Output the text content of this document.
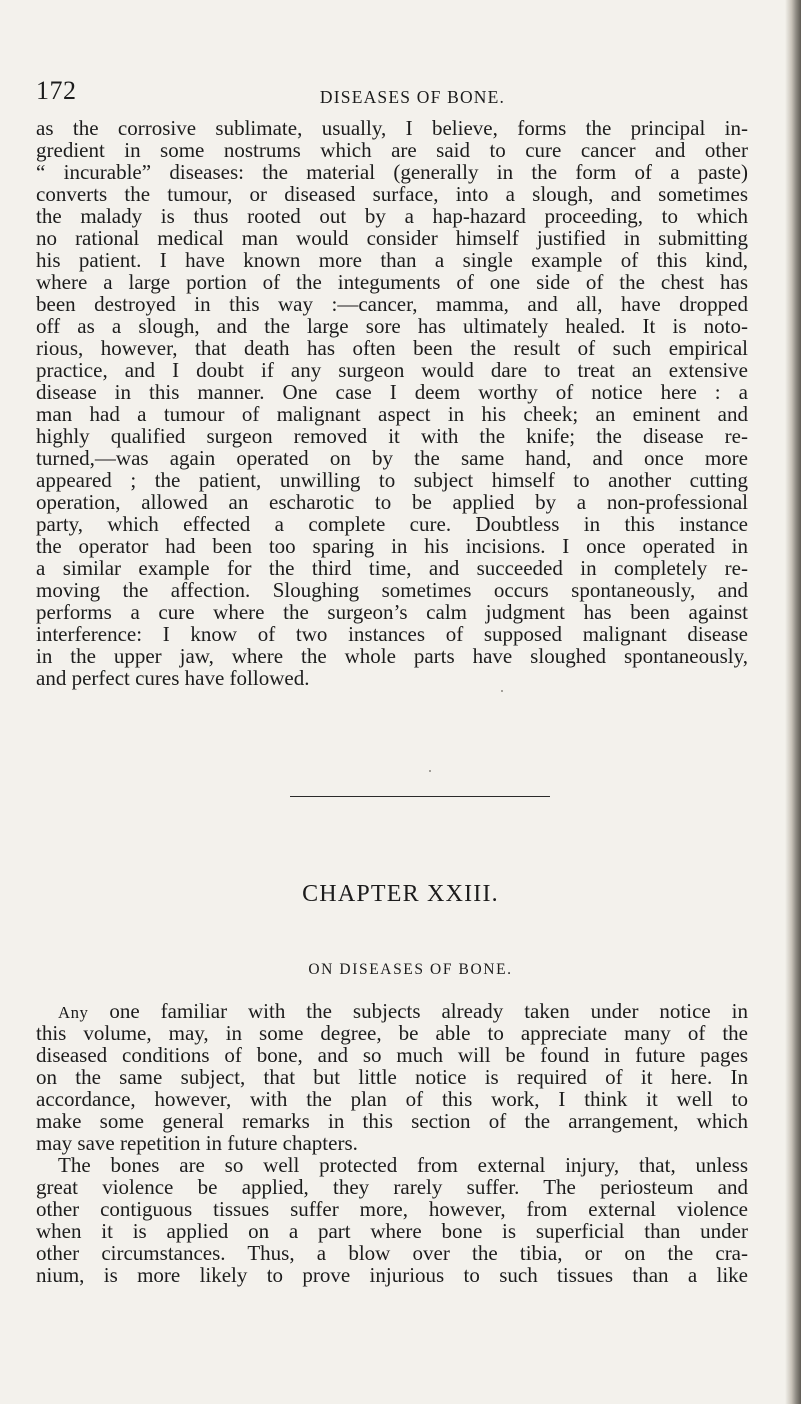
172	DISEASES OF BONE.
as the corrosive sublimate, usually, I believe, forms the principal in-
gredient in some nostrums which are said to cure cancer and other
“ incurable” diseases: the material (generally in the form of a paste)
converts the tumour, or diseased surface, into a slough, and sometimes
the malady is thus rooted out by a hap-hazard proceeding, to which
no rational medical man would consider himself justified in submitting
his patient. I have known more than a single example of this kind,
where a large portion of the integuments of one side of the chest has
been destroyed in this way :—cancer, mamma, and all, have dropped
off as a slough, and the large sore has ultimately healed. It is noto-
rious, however, that death has often been the result of such empirical
practice, and I doubt if any surgeon would dare to treat an extensive
disease in this manner. One case I deem worthy of notice here : a
man had a tumour of malignant aspect in his cheek; an eminent and
highly qualified surgeon removed it with the knife; the disease re-
turned,—was again operated on by the same hand, and once more
appeared ; the patient, unwilling to subject himself to another cutting
operation, allowed an escharotic to be applied by a non-professional
party, which effected a complete cure. Doubtless in this instance
the operator had been too sparing in his incisions. I once operated in
a similar example for the third time, and succeeded in completely re-
moving the affection. Sloughing sometimes occurs spontaneously, and
performs a cure where the surgeon’s calm judgment has been against
interference: I know of two instances of supposed malignant disease
in the upper jaw, where the whole parts have sloughed spontaneously,
and perfect cures have followed.
CHAPTER XXIII.
ON DISEASES OF BONE.
Any one familiar with the subjects already taken under notice in
this volume, may, in some degree, be able to appreciate many of the
diseased conditions of bone, and so much will be found in future pages
on the same subject, that but little notice is required of it here. In
accordance, however, with the plan of this work, I think it well to
make some general remarks in this section of the arrangement, which
may save repetition in future chapters.
The bones are so well protected from external injury, that, unless
great violence be applied, they rarely suffer. The periosteum and
other contiguous tissues suffer more, however, from external violence
when it is applied on a part where bone is superficial than under
other circumstances. Thus, a blow over the tibia, or on the cra-
nium, is more likely to prove injurious to such tissues than a like
